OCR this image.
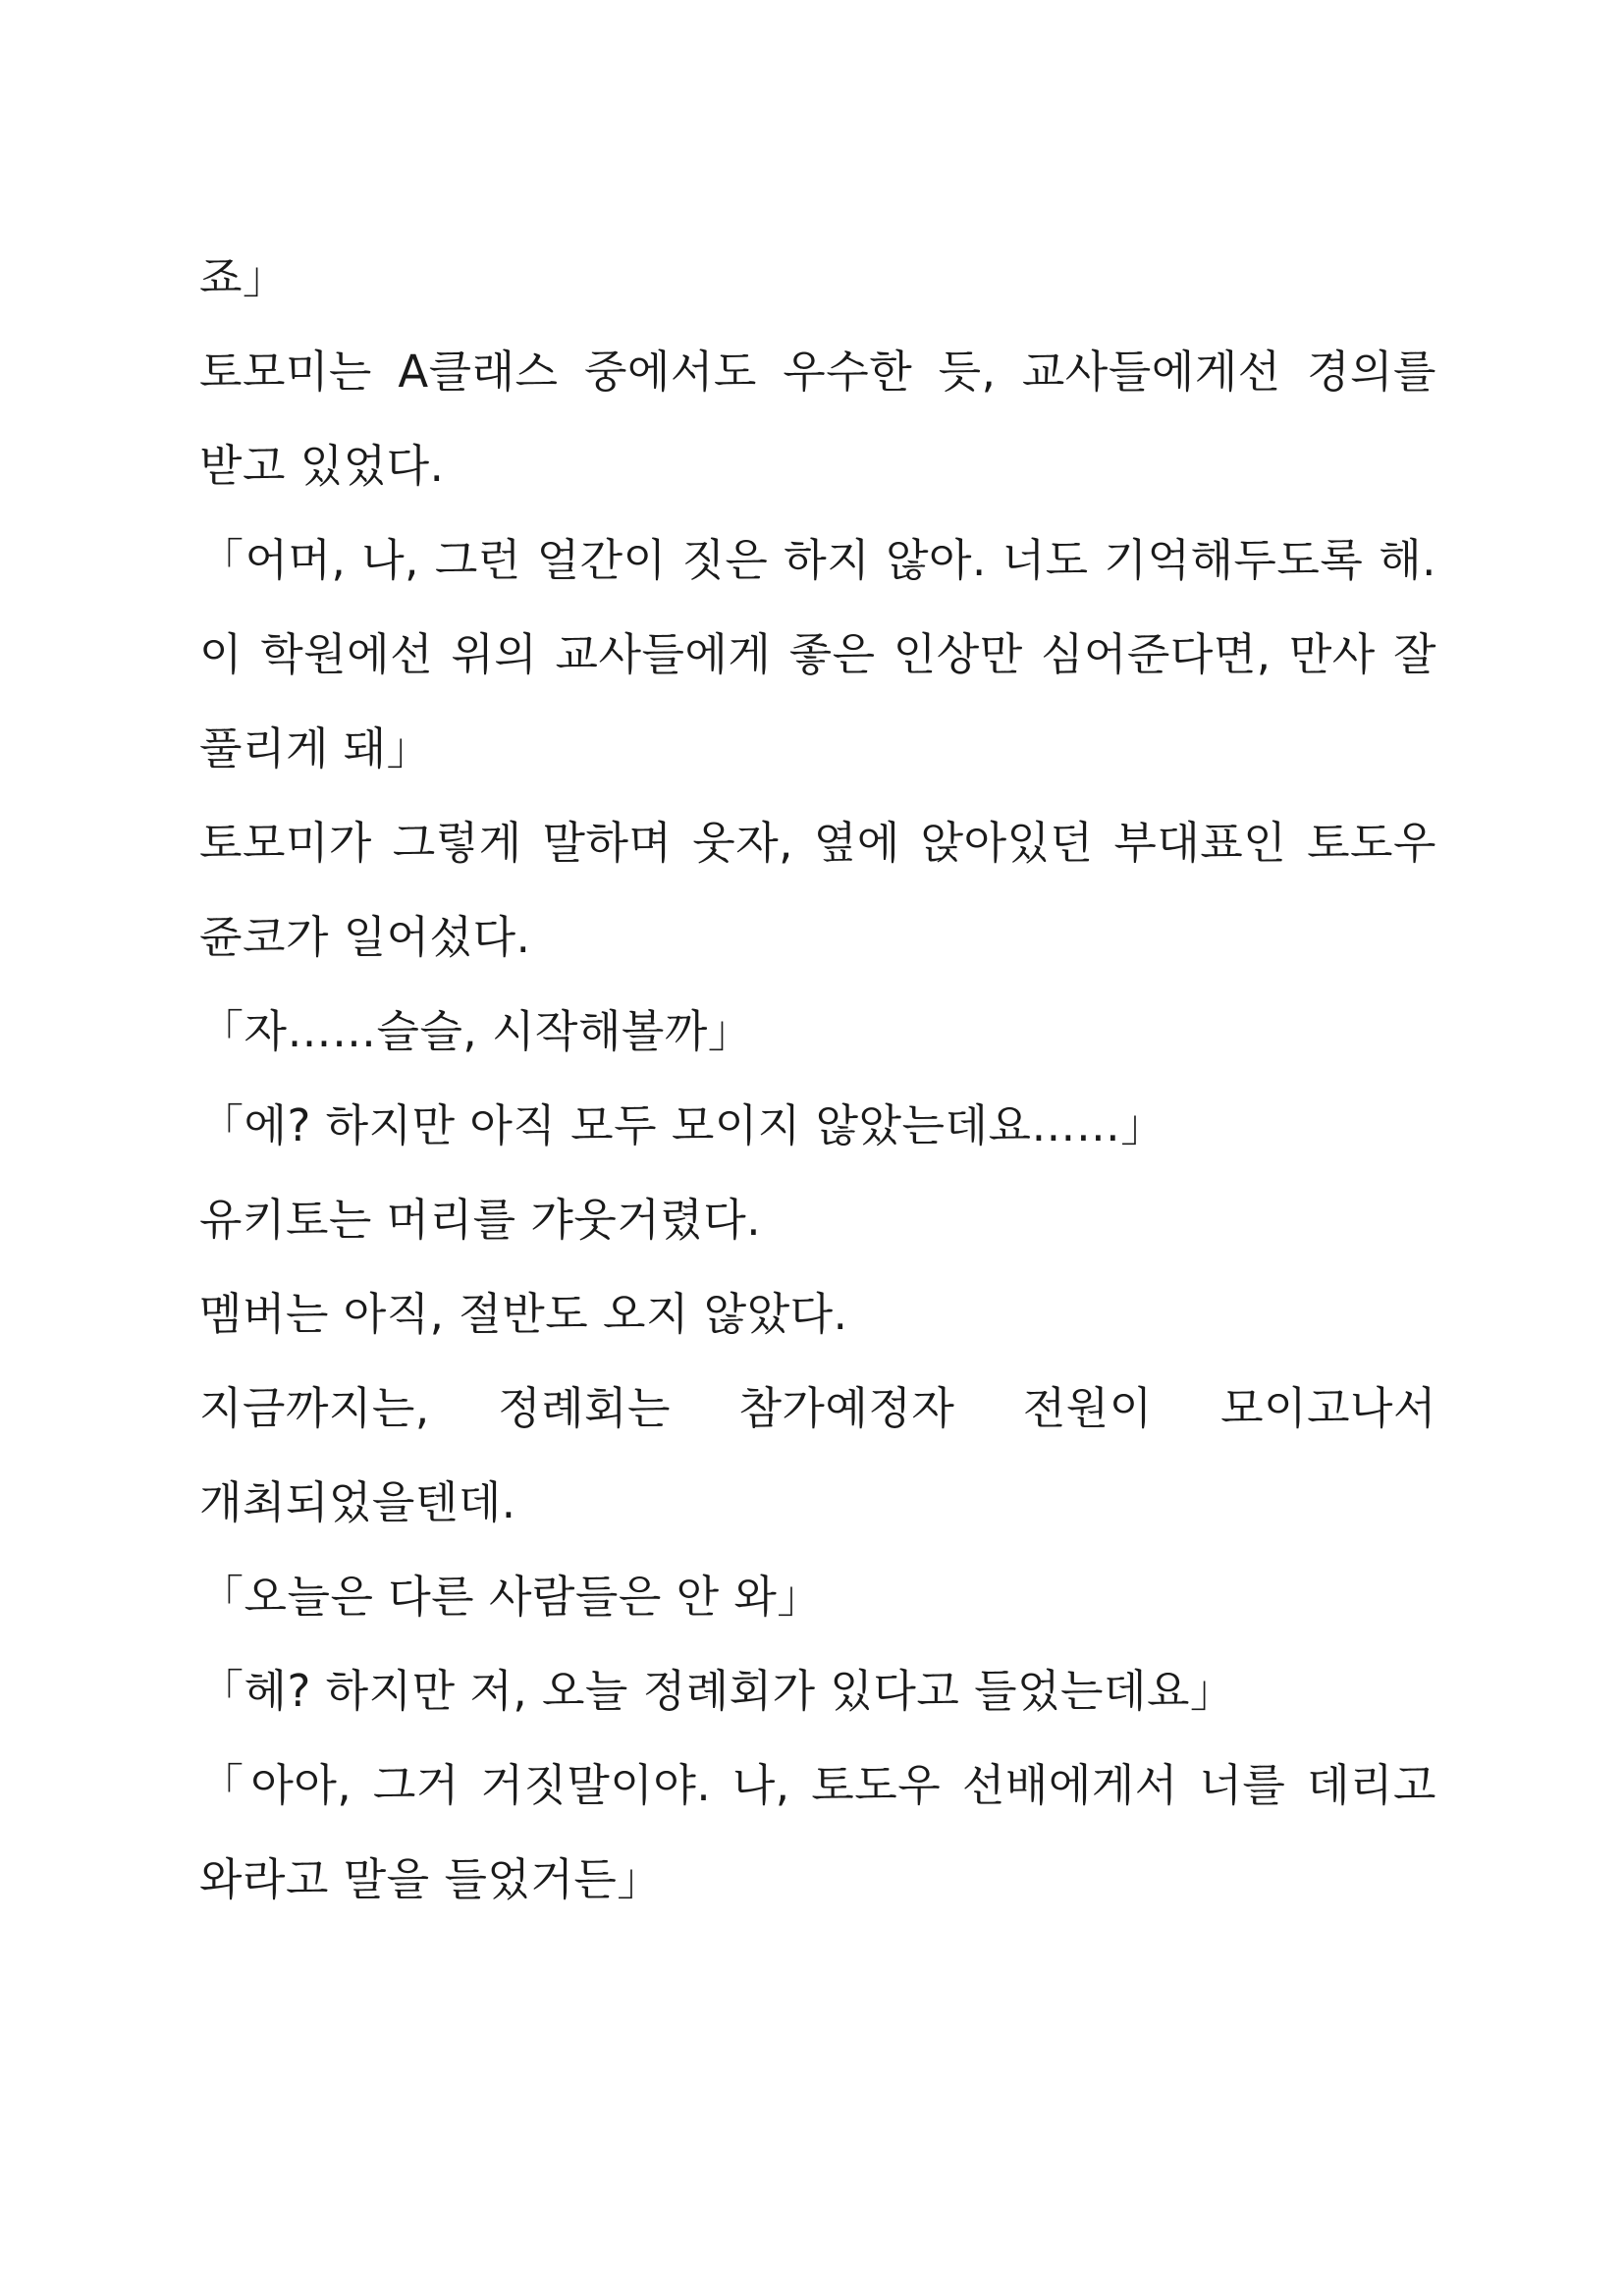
죠」

토모미는 A클래스 중에서도 우수한 듯, 교사들에게선 경의를 받고 있었다.

「어머, 나, 그런 얼간이 짓은 하지 않아. 너도 기억해두도록 해. 이 학원에선 위의 교사들에게 좋은 인상만 심어준다면, 만사 잘 풀리게 돼」

토모미가 그렇게 말하며 웃자, 옆에 앉아있던 부대표인 토도우 쥰코가 일어섰다.

「자……슬슬, 시작해볼까」

「에? 하지만 아직 모두 모이지 않았는데요……」

유키토는 머리를 갸웃거렸다.

멤버는 아직, 절반도 오지 않았다.

지금까지는, 정례회는 참가예정자 전원이 모이고나서 개최되었을텐데.

「오늘은 다른 사람들은 안 와」

「헤? 하지만 저, 오늘 정례회가 있다고 들었는데요」

「아아, 그거 거짓말이야. 나, 토도우 선배에게서 너를 데리고 와라고 말을 들었거든」
